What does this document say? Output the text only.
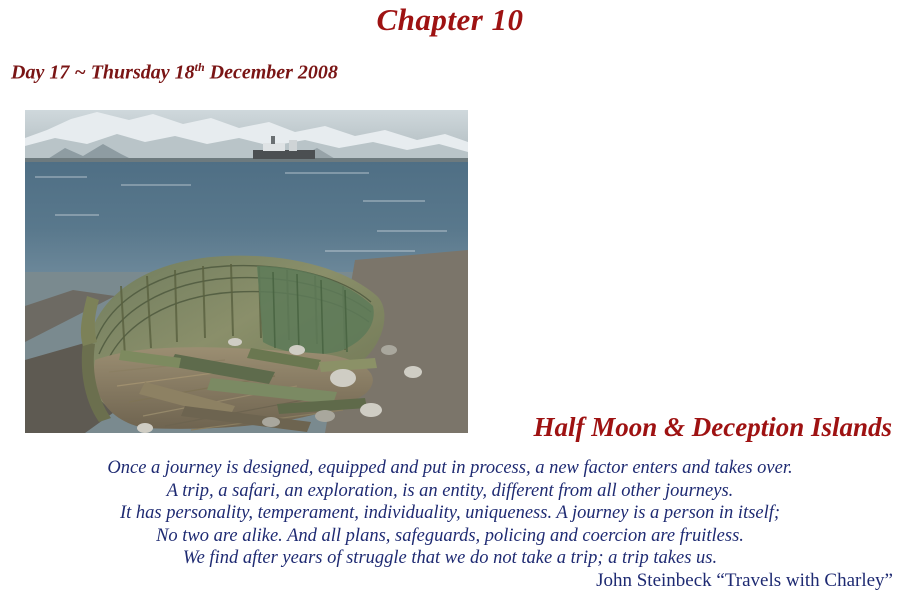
Chapter 10
Day 17 ~ Thursday 18th December 2008
Half Moon & Deception Islands
Once a journey is designed, equipped and put in process, a new factor enters and takes over.
A trip, a safari, an exploration, is an entity, different from all other journeys.
It has personality, temperament, individuality, uniqueness. A journey is a person in itself;
No two are alike. And all plans, safeguards, policing and coercion are fruitless.
We find after years of struggle that we do not take a trip; a trip takes us.
John Steinbeck “Travels with Charley”
